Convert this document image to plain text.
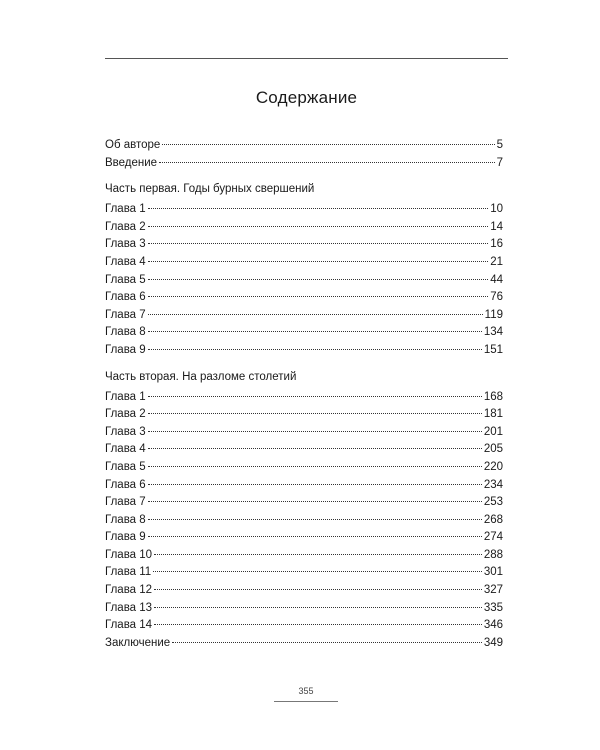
Содержание
Об авторе	5
Введение	7
Часть первая. Годы бурных свершений
Глава 1	10
Глава 2	14
Глава 3	16
Глава 4	21
Глава 5	44
Глава 6	76
Глава 7	119
Глава 8	134
Глава 9	151
Часть вторая. На разломе столетий
Глава 1	168
Глава 2	181
Глава 3	201
Глава 4	205
Глава 5	220
Глава 6	234
Глава 7	253
Глава 8	268
Глава 9	274
Глава 10	288
Глава 11	301
Глава 12	327
Глава 13	335
Глава 14	346
Заключение	349
355
